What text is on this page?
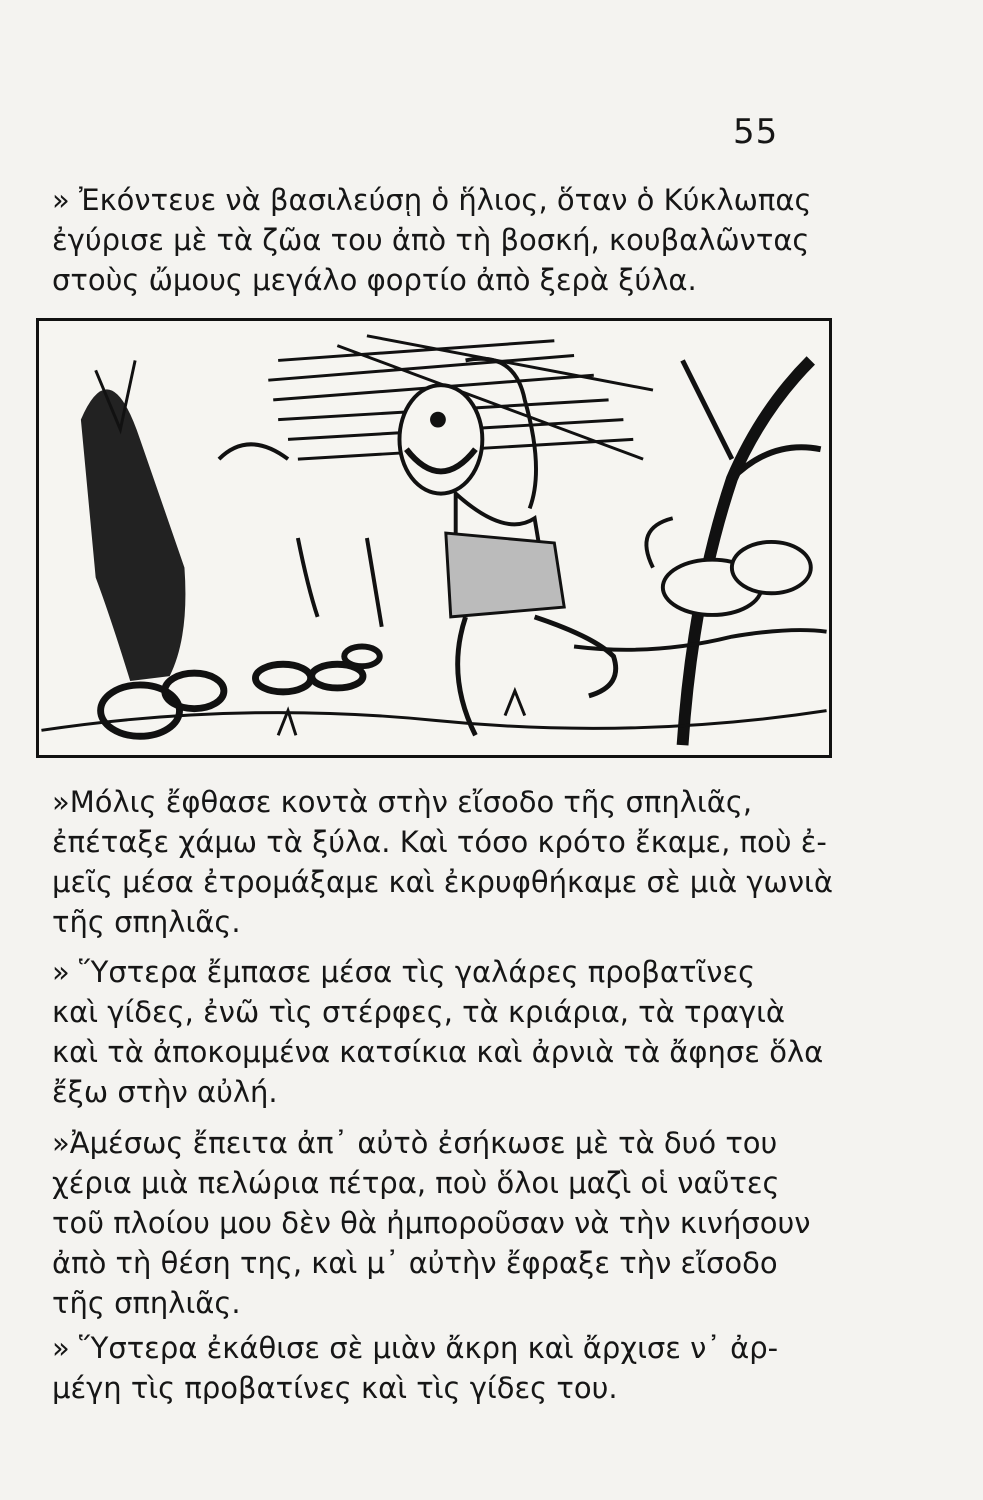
55

» Ἐκόντευε νὰ βασιλεύσῃ ὁ ἥλιος, ὅταν ὁ Κύκλωπας
ἐγύρισε μὲ τὰ ζῶα του ἀπὸ τὴ βοσκή, κουβαλῶντας
στοὺς ὤμους μεγάλο φορτίο ἀπὸ ξερὰ ξύλα.

»Μόλις ἔφθασε κοντὰ στὴν εἴσοδο τῆς σπηλιᾶς,
ἐπέταξε χάμω τὰ ξύλα. Καὶ τόσο κρότο ἔκαμε, ποὺ ἐ-
μεῖς μέσα ἐτρομάξαμε καὶ ἐκρυφθήκαμε σὲ μιὰ γωνιὰ
τῆς σπηλιᾶς.

» Ὕστερα ἔμπασε μέσα τὶς γαλάρες προβατῖνες
καὶ γίδες, ἐνῶ τὶς στέρφες, τὰ κριάρια, τὰ τραγιὰ
καὶ τὰ ἀποκομμένα κατσίκια καὶ ἀρνιὰ τὰ ἄφησε ὅλα
ἔξω στὴν αὐλή.

»Ἀμέσως ἔπειτα ἀπ᾽ αὐτὸ ἐσήκωσε μὲ τὰ δυό του
χέρια μιὰ πελώρια πέτρα, ποὺ ὅλοι μαζὶ οἱ ναῦτες
τοῦ πλοίου μου δὲν θὰ ἠμποροῦσαν νὰ τὴν κινήσουν
ἀπὸ τὴ θέση της, καὶ μ᾽ αὐτὴν ἔφραξε τὴν εἴσοδο
τῆς σπηλιᾶς.

» Ὕστερα ἐκάθισε σὲ μιὰν ἄκρη καὶ ἄρχισε ν᾽ ἀρ-
μέγη τὶς προβατίνες καὶ τὶς γίδες του.
